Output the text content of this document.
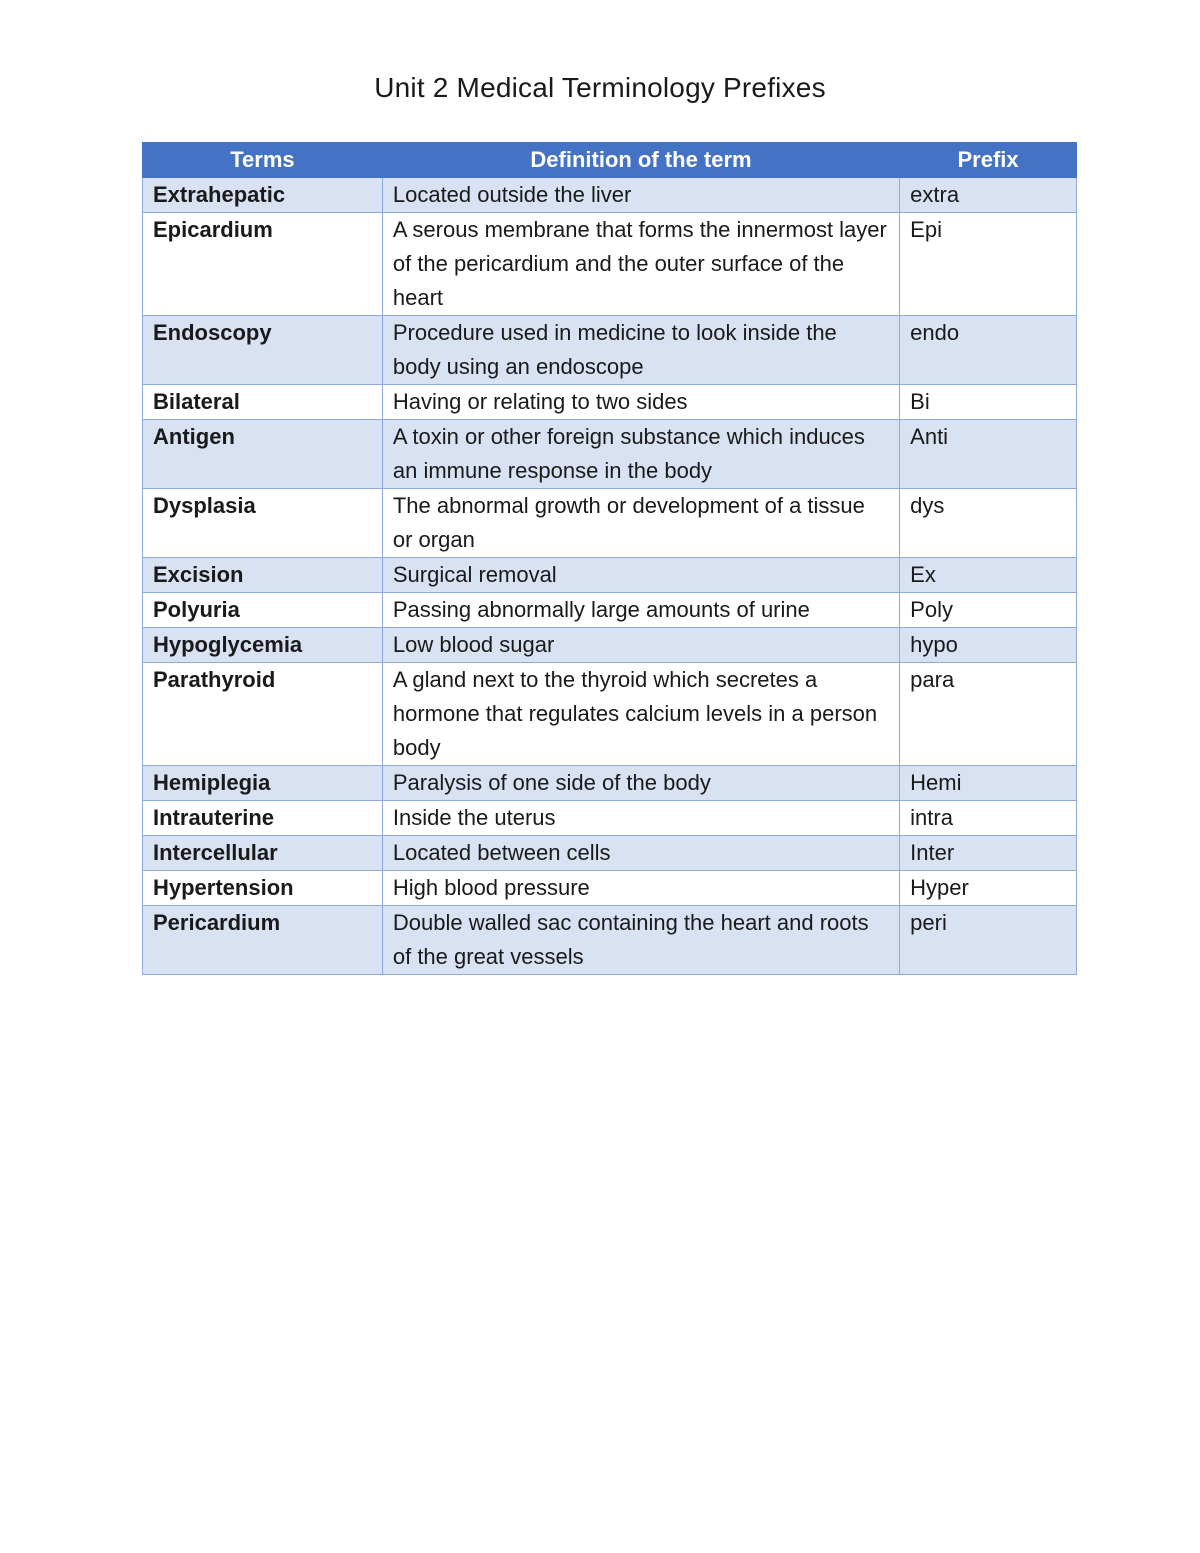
Unit 2 Medical Terminology Prefixes
Terms	Definition of the term	Prefix
Extrahepatic	Located outside the liver	extra
Epicardium	A serous membrane that forms the innermost layer of the pericardium and the outer surface of the heart	Epi
Endoscopy	Procedure used in medicine to look inside the body using an endoscope	endo
Bilateral	Having or relating to two sides	Bi
Antigen	A toxin or other foreign substance which induces an immune response in the body	Anti
Dysplasia	The abnormal growth or development of a tissue or organ	dys
Excision	Surgical removal	Ex
Polyuria	Passing abnormally large amounts of urine	Poly
Hypoglycemia	Low blood sugar	hypo
Parathyroid	A gland next to the thyroid which secretes a hormone that regulates calcium levels in a person body	para
Hemiplegia	Paralysis of one side of the body	Hemi
Intrauterine	Inside the uterus	intra
Intercellular	Located between cells	Inter
Hypertension	High blood pressure	Hyper
Pericardium	Double walled sac containing the heart and roots of the great vessels	peri
